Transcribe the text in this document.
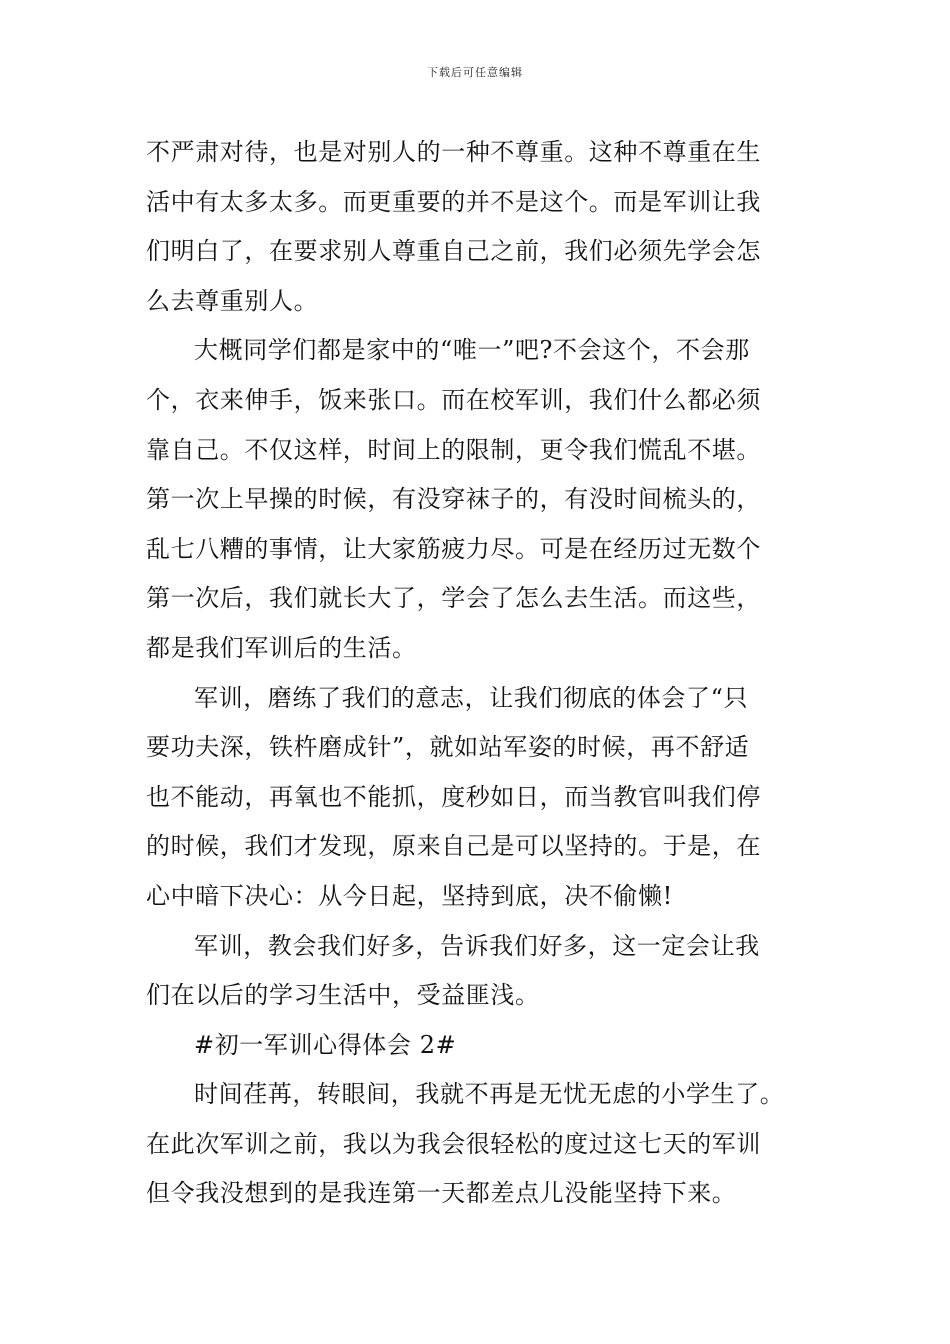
下载后可任意编辑
不严肃对待，也是对别人的一种不尊重。这种不尊重在生
活中有太多太多。而更重要的并不是这个。而是军训让我
们明白了，在要求别人尊重自己之前，我们必须先学会怎
么去尊重别人。
大概同学们都是家中的“唯一”吧?不会这个，不会那
个，衣来伸手，饭来张口。而在校军训，我们什么都必须
靠自己。不仅这样，时间上的限制，更令我们慌乱不堪。
第一次上早操的时候，有没穿袜子的，有没时间梳头的，
乱七八糟的事情，让大家筋疲力尽。可是在经历过无数个
第一次后，我们就长大了，学会了怎么去生活。而这些，
都是我们军训后的生活。
军训，磨练了我们的意志，让我们彻底的体会了“只
要功夫深，铁杵磨成针”，就如站军姿的时候，再不舒适
也不能动，再氧也不能抓，度秒如日，而当教官叫我们停
的时候，我们才发现，原来自己是可以坚持的。于是，在
心中暗下决心：从今日起，坚持到底，决不偷懒!
军训，教会我们好多，告诉我们好多，这一定会让我
们在以后的学习生活中，受益匪浅。
#初一军训心得体会 2#
时间荏苒，转眼间，我就不再是无忧无虑的小学生了。
在此次军训之前，我以为我会很轻松的度过这七天的军训
但令我没想到的是我连第一天都差点儿没能坚持下来。
